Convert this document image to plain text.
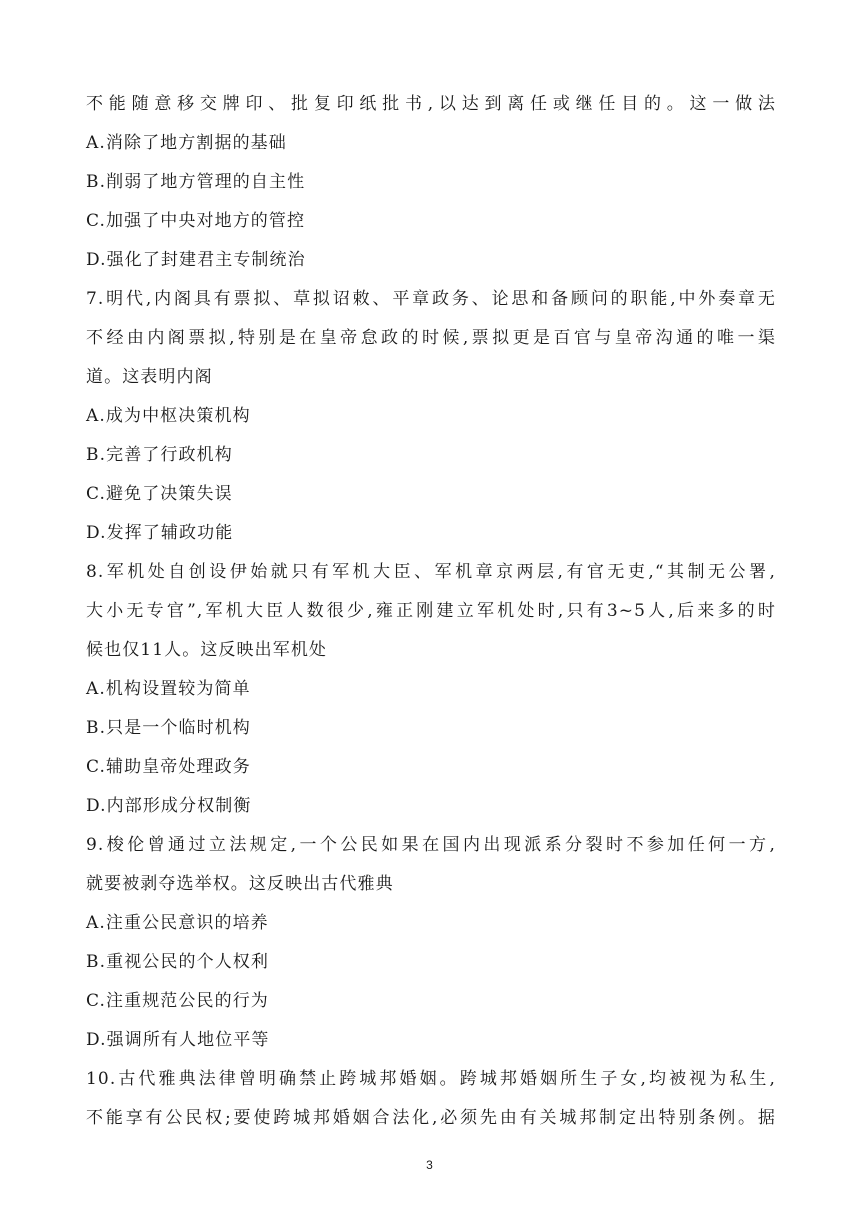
不能随意移交牌印、批复印纸批书,以达到离任或继任目的。这一做法
A.消除了地方割据的基础
B.削弱了地方管理的自主性
C.加强了中央对地方的管控
D.强化了封建君主专制统治
7.明代,内阁具有票拟、草拟诏敕、平章政务、论思和备顾问的职能,中外奏章无
不经由内阁票拟,特别是在皇帝怠政的时候,票拟更是百官与皇帝沟通的唯一渠
道。这表明内阁
A.成为中枢决策机构
B.完善了行政机构
C.避免了决策失误
D.发挥了辅政功能
8.军机处自创设伊始就只有军机大臣、军机章京两层,有官无吏,“其制无公署,
大小无专官”,军机大臣人数很少,雍正刚建立军机处时,只有3~5人,后来多的时
候也仅11人。这反映出军机处
A.机构设置较为简单
B.只是一个临时机构
C.辅助皇帝处理政务
D.内部形成分权制衡
9.梭伦曾通过立法规定,一个公民如果在国内出现派系分裂时不参加任何一方,
就要被剥夺选举权。这反映出古代雅典
A.注重公民意识的培养
B.重视公民的个人权利
C.注重规范公民的行为
D.强调所有人地位平等
10.古代雅典法律曾明确禁止跨城邦婚姻。跨城邦婚姻所生子女,均被视为私生,
不能享有公民权;要使跨城邦婚姻合法化,必须先由有关城邦制定出特别条例。据
3
